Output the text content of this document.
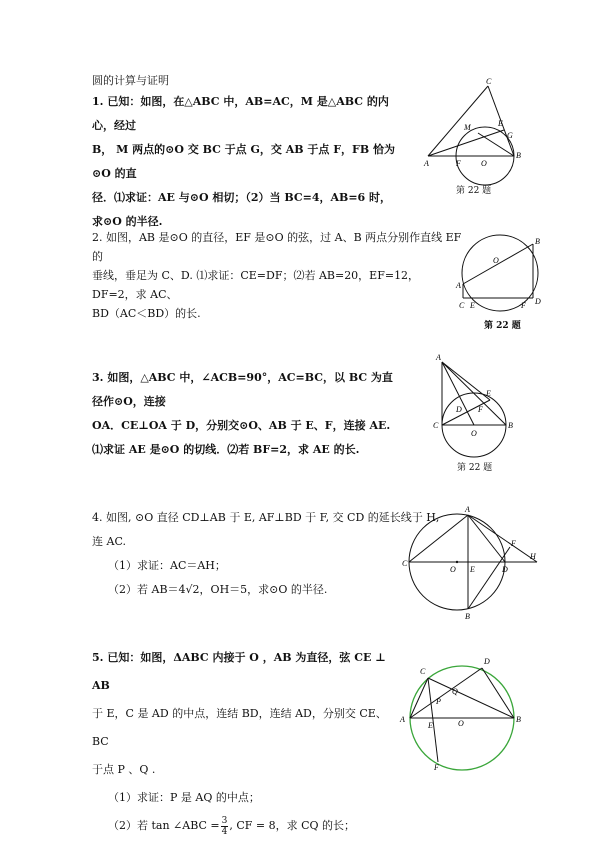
圆的计算与证明
1. 已知：如图，在△ABC 中，AB=AC，M 是△ABC 的内心，经过
B， M 两点的⊙O 交 BC 于点 G，交 AB 于点 F，FB 恰为⊙O 的直
径．⑴求证：AE 与⊙O 相切；（2）当 BC=4，AB=6 时，求⊙O 的半径.
A
B
C
E
M
G
F	O
第 22 题
2. 如图，AB 是⊙O 的直径，EF 是⊙O 的弦，过 A、B 两点分别作直线 EF 的
垂线，垂足为 C、D. ⑴求证：CE=DF；⑵若 AB=20，EF=12，DF=2，求 AC、
BD（AC＜BD）的长.
A
B
O
C E	F D
第 22 题
3. 如图，△ABC 中，∠ACB=90°，AC=BC，以 BC 为直径作⊙O，连接
OA．CE⊥OA 于 D，分别交⊙O、AB 于 E、F，连接 AE.
⑴求证 AE 是⊙O 的切线．⑵若 BF=2，求 AE 的长.
A
B
C
D
E
F
O
第 22 题
4. 如图, ⊙O 直径 CD⊥AB 于 E, AF⊥BD 于 F, 交 CD 的延长线于 H, 连 AC.
（1）求证：AC＝AH；
（2）若 AB＝4√2，OH＝5，求⊙O 的半径.
C
A
B
O E	D
F
H
5. 已知：如图，ΔABC 内接于 O ，AB 为直径，弦 CE ⊥ AB
于 E，C 是 AD 的中点，连结 BD，连结 AD，分别交 CE、BC
于点 P 、Q .
（1）求证：P 是 AQ 的中点；
（2）若 tan ∠ABC = $\frac{3}{4}$ , CF = 8，求 CQ 的长；
C
D
A	B
P
Q
E	O
F
